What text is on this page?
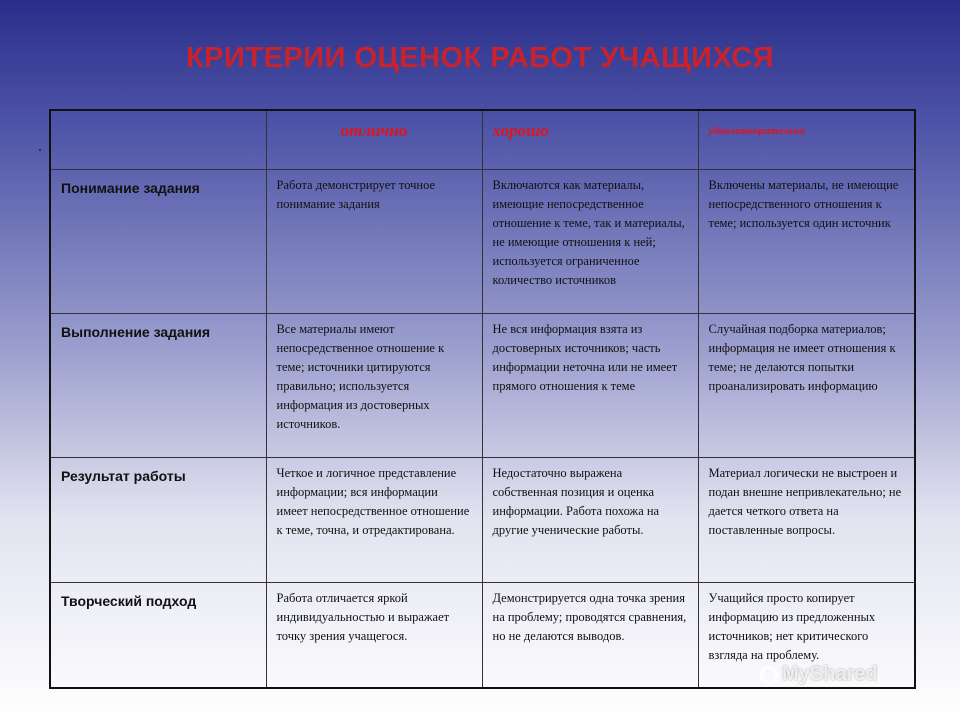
КРИТЕРИИ ОЦЕНОК РАБОТ УЧАЩИХСЯ
.
	отлично	хорошо	удовлетворительно
Понимание задания	Работа демонстрирует точное понимание задания	Включаются как материалы, имеющие непосредственное отношение к теме, так и материалы, не имеющие отношения к ней; используется ограниченное количество источников	Включены материалы, не имеющие непосредственного отношения к теме; используется один источник
Выполнение задания	Все материалы имеют непосредственное отношение к теме; источники цитируются правильно; используется информация из достоверных источников.	Не вся информация взята из достоверных источников; часть информации неточна или не имеет прямого отношения к теме	Случайная подборка материалов; информация не имеет отношения к теме; не делаются попытки проанализировать информацию
Результат работы	Четкое и логичное представление информации; вся информации имеет непосредственное отношение к теме, точна, и отредактирована.	Недостаточно выражена собственная позиция и оценка информации. Работа похожа на другие ученические работы.	Материал логически не выстроен и подан внешне непривлекательно; не дается четкого ответа на поставленные вопросы.
Творческий подход	Работа отличается яркой индивидуальностью и выражает точку зрения учащегося.	Демонстрируется одна точка зрения на проблему; проводятся сравнения, но не делаются выводов.	Учащийся просто копирует информацию из предложенных источников; нет критического взгляда на проблему.
MyShared
